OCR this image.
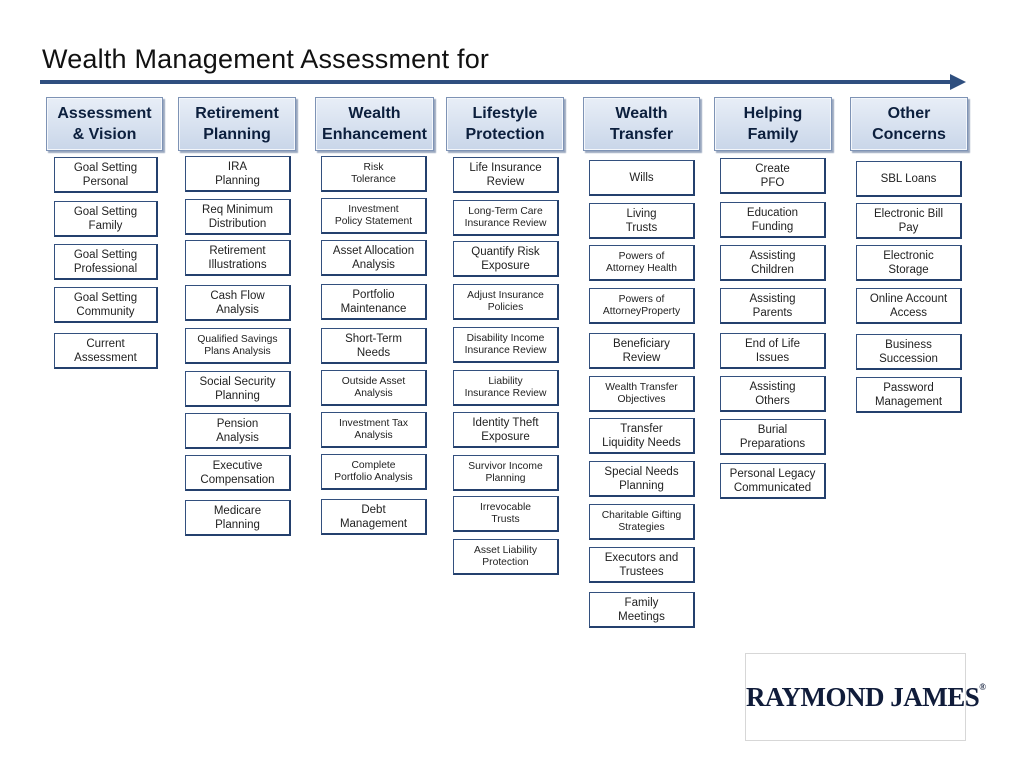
Wealth Management Assessment for
Assessment
& Vision
Goal Setting
Personal
Goal Setting
Family
Goal Setting
Professional
Goal Setting
Community
Current
Assessment
Retirement
Planning
IRA
Planning
Req Minimum
Distribution
Retirement
Illustrations
Cash Flow
Analysis
Qualified Savings
Plans Analysis
Social Security
Planning
Pension
Analysis
Executive
Compensation
Medicare
Planning
Wealth
Enhancement
Risk
Tolerance
Investment
Policy Statement
Asset Allocation
Analysis
Portfolio
Maintenance
Short-Term
Needs
Outside Asset
Analysis
Investment Tax
Analysis
Complete
Portfolio Analysis
Debt
Management
Lifestyle
Protection
Life Insurance
Review
Long-Term Care
Insurance Review
Quantify Risk
Exposure
Adjust Insurance
Policies
Disability Income
Insurance Review
Liability
Insurance Review
Identity Theft
Exposure
Survivor Income
Planning
Irrevocable
Trusts
Asset Liability
Protection
Wealth
Transfer
Wills
Living
Trusts
Powers of
Attorney Health
Powers of
AttorneyProperty
Beneficiary
Review
Wealth Transfer
Objectives
Transfer
Liquidity Needs
Special Needs
Planning
Charitable Gifting
Strategies
Executors and
Trustees
Family
Meetings
Helping
Family
Create
PFO
Education
Funding
Assisting
Children
Assisting
Parents
End of Life
Issues
Assisting
Others
Burial
Preparations
Personal Legacy
Communicated
Other
Concerns
SBL Loans
Electronic Bill
Pay
Electronic
Storage
Online Account
Access
Business
Succession
Password
Management
RAYMOND JAMES®
